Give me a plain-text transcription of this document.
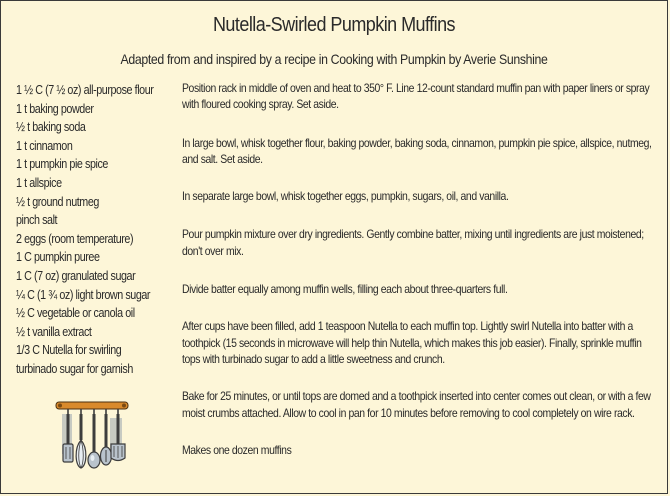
Nutella-Swirled Pumpkin Muffins
Adapted from and inspired by a recipe in Cooking with Pumpkin by Averie Sunshine
1 ½ C (7 ½ oz) all-purpose flour
1 t baking powder
½ t baking soda
1 t cinnamon
1 t pumpkin pie spice
1 t allspice
½ t ground nutmeg
pinch salt
2 eggs (room temperature)
1 C pumpkin puree
1 C (7 oz) granulated sugar
¼ C (1 ¾ oz) light brown sugar
½ C vegetable or canola oil
½ t vanilla extract
1/3 C Nutella for swirling
turbinado sugar for garnish
Position rack in middle of oven and heat to 350° F. Line 12-count standard muffin pan with paper liners or spray with floured cooking spray. Set aside.
In large bowl, whisk together flour, baking powder, baking soda, cinnamon, pumpkin pie spice, allspice, nutmeg, and salt. Set aside.
In separate large bowl, whisk together eggs, pumpkin, sugars, oil, and vanilla.
Pour pumpkin mixture over dry ingredients. Gently combine batter, mixing until ingredients are just moistened; don't over mix.
Divide batter equally among muffin wells, filling each about three-quarters full.
After cups have been filled, add 1 teaspoon Nutella to each muffin top. Lightly swirl Nutella into batter with a toothpick (15 seconds in microwave will help thin Nutella, which makes this job easier). Finally, sprinkle muffin tops with turbinado sugar to add a little sweetness and crunch.
Bake for 25 minutes, or until tops are domed and a toothpick inserted into center comes out clean, or with a few moist crumbs attached. Allow to cool in pan for 10 minutes before removing to cool completely on wire rack.
Makes one dozen muffins
